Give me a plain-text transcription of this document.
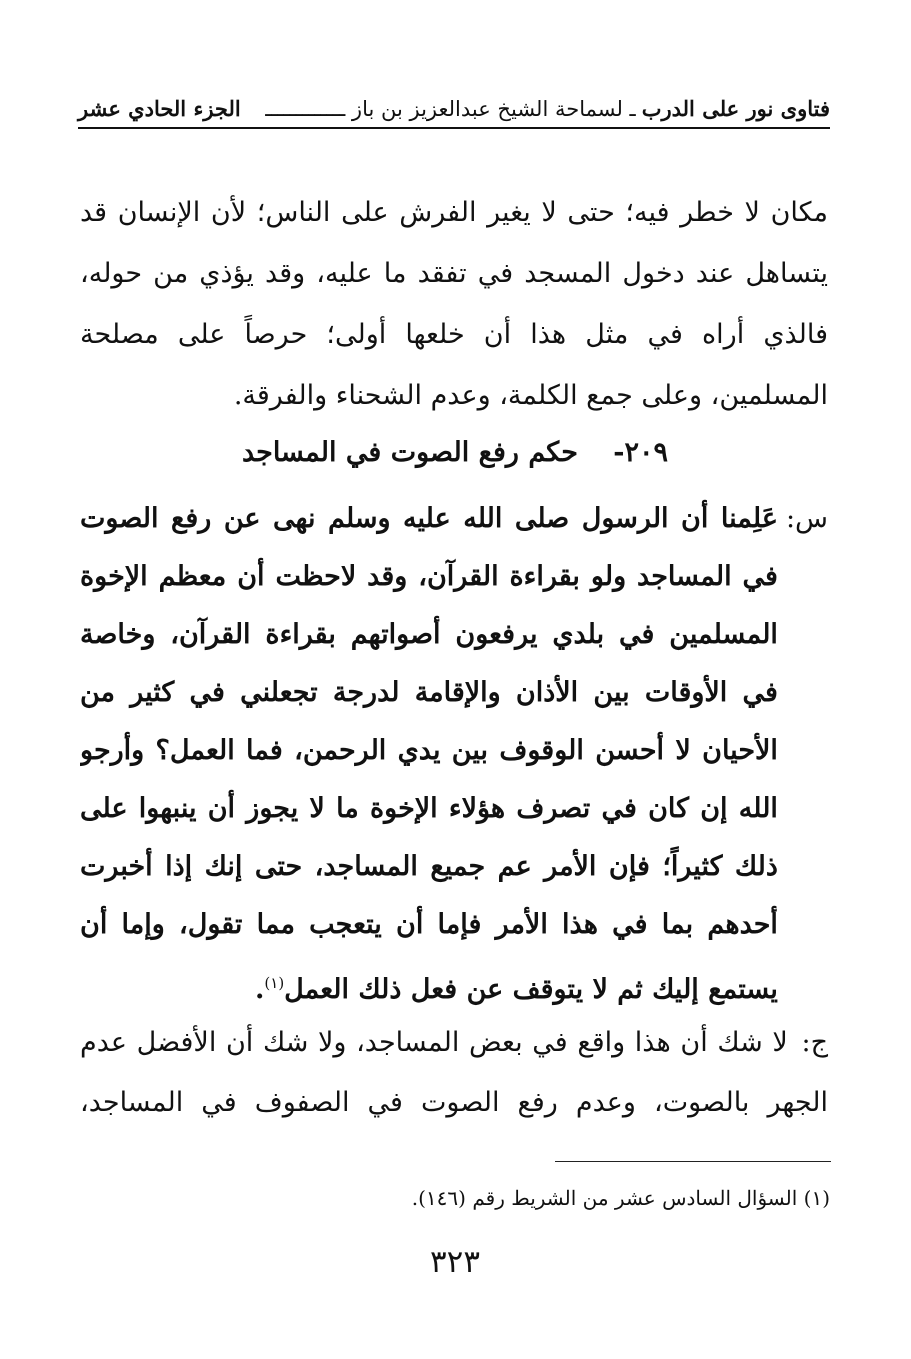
فتاوى نور على الدرب
ـ لسماحة الشيخ عبدالعزيز بن باز ـــــــــــــ
الجزء الحادي عشر

مكان لا خطر فيه؛ حتى لا يغير الفرش على الناس؛ لأن الإنسان قد يتساهل عند دخول المسجد في تفقد ما عليه، وقد يؤذي من حوله، فالذي أراه في مثل هذا أن خلعها أولى؛ حرصاً على مصلحة المسلمين، وعلى جمع الكلمة، وعدم الشحناء والفرقة.

٢٠٩- حكم رفع الصوت في المساجد
س:
عَلِمنا أن الرسول صلى الله عليه وسلم نهى عن رفع الصوت في المساجد ولو بقراءة القرآن، وقد لاحظت أن معظم الإخوة المسلمين في بلدي يرفعون أصواتهم بقراءة القرآن، وخاصة في الأوقات بين الأذان والإقامة لدرجة تجعلني في كثير من الأحيان لا أحسن الوقوف بين يدي الرحمن، فما العمل؟ وأرجو الله إن كان في تصرف هؤلاء الإخوة ما لا يجوز أن ينبهوا على ذلك كثيراً؛ فإن الأمر عم جميع المساجد، حتى إنك إذا أخبرت أحدهم بما في هذا الأمر فإما أن يتعجب مما تقول، وإما أن يستمع إليك ثم لا يتوقف عن فعل ذلك العمل$^{(١)}$.
ج: لا شك أن هذا واقع في بعض المساجد، ولا شك أن الأفضل عدم الجهر بالصوت، وعدم رفع الصوت في الصفوف في المساجد،
(١) السؤال السادس عشر من الشريط رقم (١٤٦).
٣٢٣
